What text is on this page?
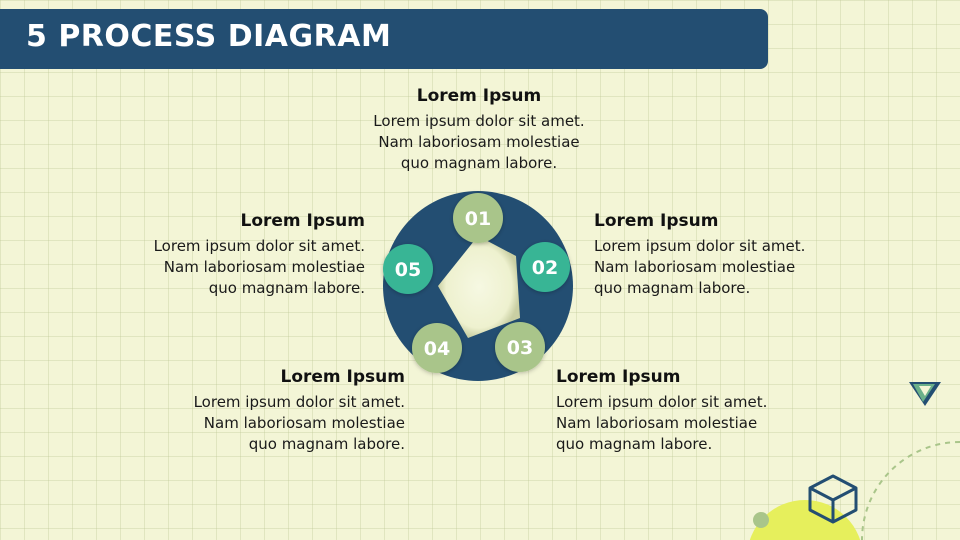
5 PROCESS DIAGRAM
Lorem Ipsum

Lorem ipsum dolor sit amet.
Nam laboriosam molestiae
quo magnam labore.

Lorem Ipsum

Lorem ipsum dolor sit amet.
Nam laboriosam molestiae
quo magnam labore.

Lorem Ipsum

Lorem ipsum dolor sit amet.
Nam laboriosam molestiae
quo magnam labore.

Lorem Ipsum

Lorem ipsum dolor sit amet.
Nam laboriosam molestiae
quo magnam labore.

Lorem Ipsum

Lorem ipsum dolor sit amet.
Nam laboriosam molestiae
quo magnam labore.

01
02
03
04
05
